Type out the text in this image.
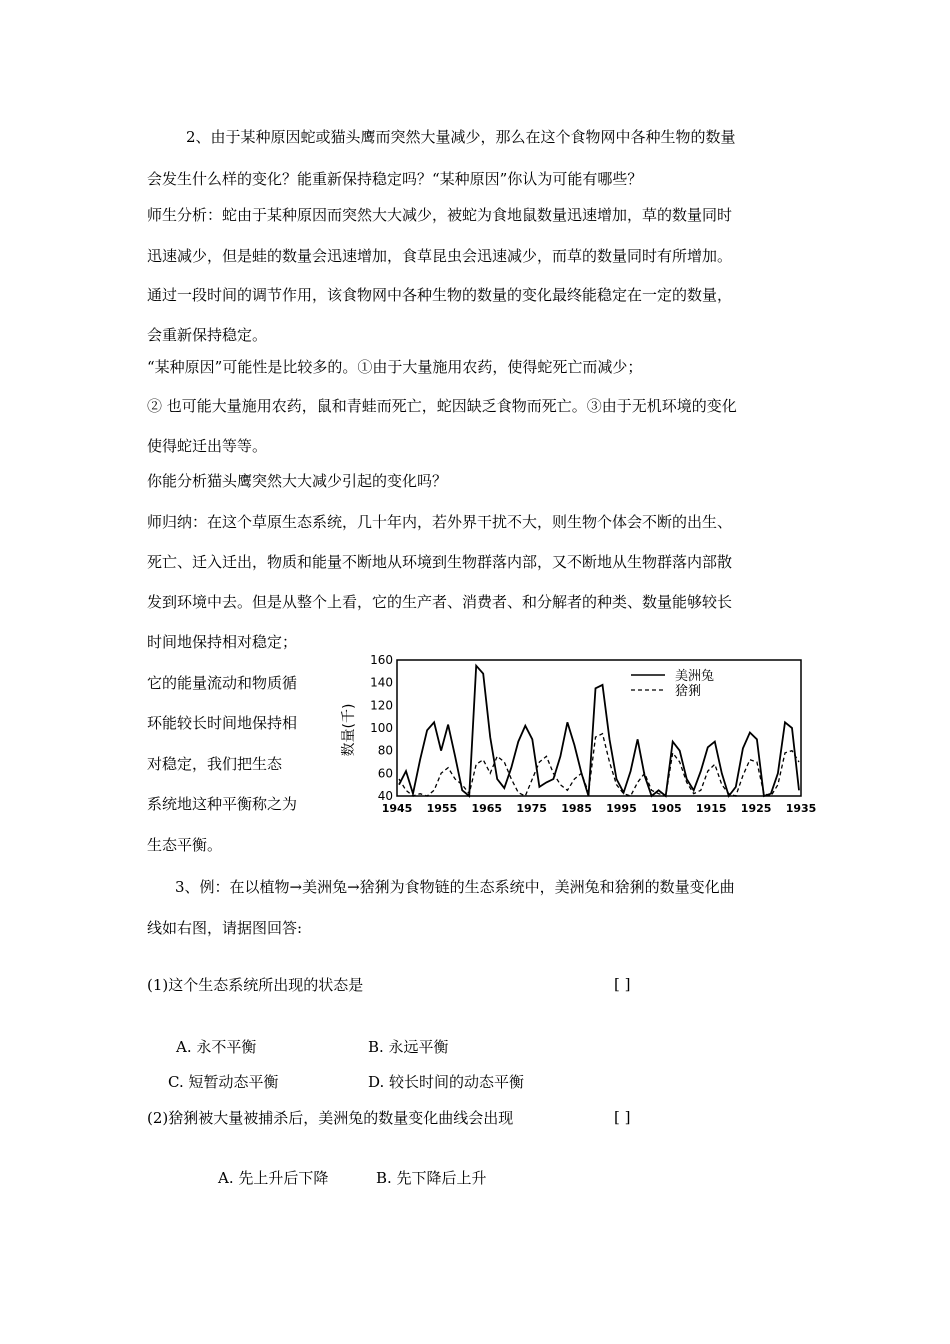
2、由于某种原因蛇或猫头鹰而突然大量减少，那么在这个食物网中各种生物的数量
会发生什么样的变化？能重新保持稳定吗？“某种原因”你认为可能有哪些？
师生分析：蛇由于某种原因而突然大大减少，被蛇为食地鼠数量迅速增加，草的数量同时
迅速减少，但是蛙的数量会迅速增加，食草昆虫会迅速减少，而草的数量同时有所增加。
通过一段时间的调节作用，该食物网中各种生物的数量的变化最终能稳定在一定的数量，
会重新保持稳定。
“某种原因”可能性是比较多的。①由于大量施用农药，使得蛇死亡而减少；
② 也可能大量施用农药，鼠和青蛙而死亡，蛇因缺乏食物而死亡。③由于无机环境的变化
使得蛇迁出等等。
你能分析猫头鹰突然大大减少引起的变化吗？
师归纳：在这个草原生态系统，几十年内，若外界干扰不大，则生物个体会不断的出生、
死亡、迁入迁出，物质和能量不断地从环境到生物群落内部，又不断地从生物群落内部散
发到环境中去。但是从整个上看，它的生产者、消费者、和分解者的种类、数量能够较长
时间地保持相对稳定；
它的能量流动和物质循
环能较长时间地保持相
对稳定，我们把生态
系统地这种平衡称之为
生态平衡。
40
60
80
100
120
140
160
数量(千)
1945 1955 1965 1975 1985 1995 1905 1915 1925 1935
美洲兔
猞猁
3、例：在以植物→美洲兔→猞猁为食物链的生态系统中，美洲兔和猞猁的数量变化曲
线如右图，请据图回答:
(1)这个生态系统所出现的状态是	[ ]
A. 永不平衡	B. 永远平衡
C. 短暂动态平衡	D. 较长时间的动态平衡
(2)猞猁被大量被捕杀后，美洲兔的数量变化曲线会出现	[ ]
A. 先上升后下降	B. 先下降后上升
